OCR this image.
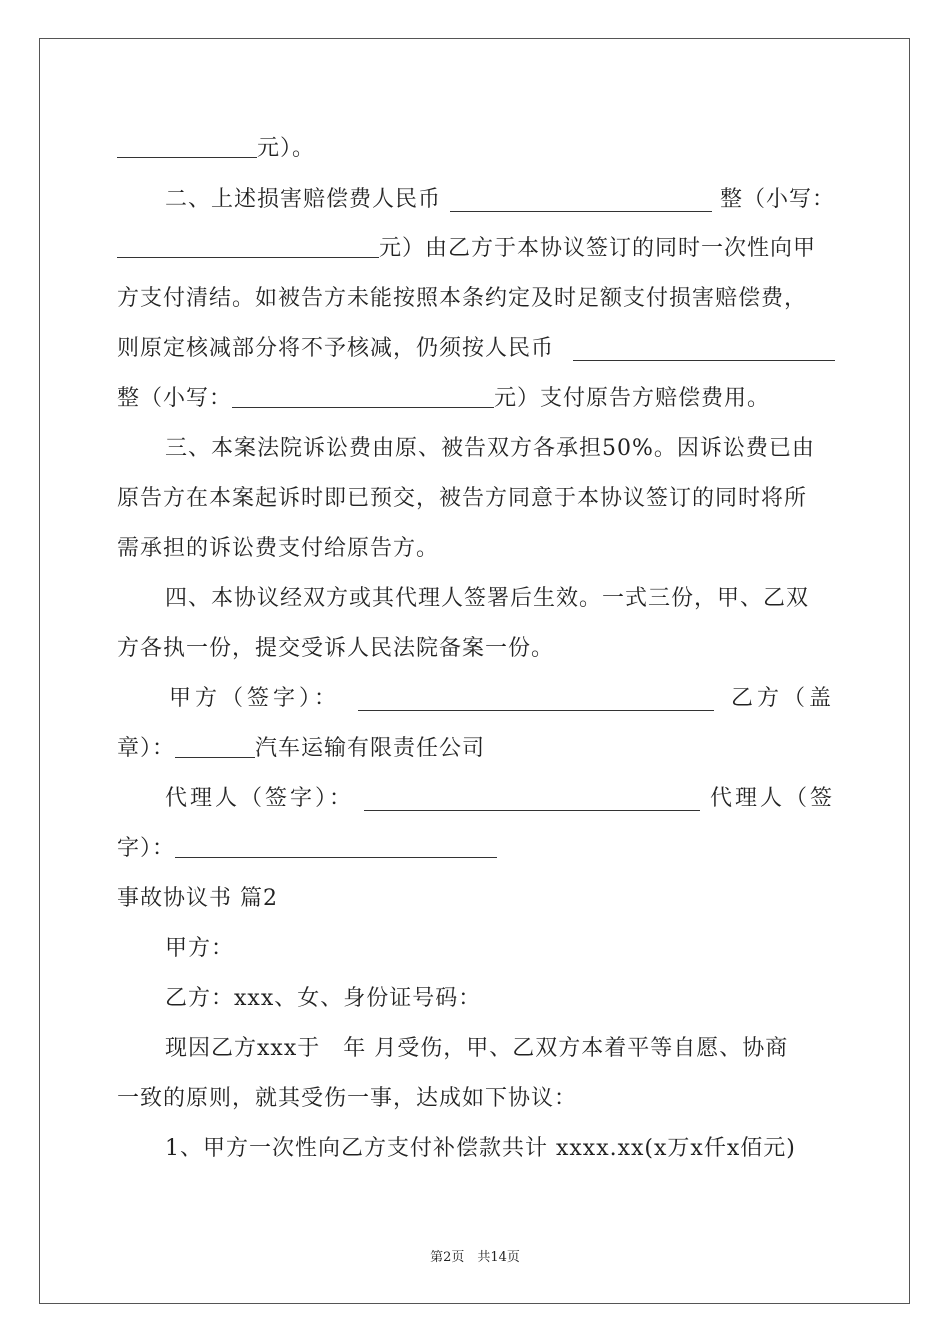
元）。
二、上述损害赔偿费人民币	整（小写：
元）由乙方于本协议签订的同时一次性向甲
方支付清结。如被告方未能按照本条约定及时足额支付损害赔偿费，
则原定核减部分将不予核减，仍须按人民币
整（小写：	元）支付原告方赔偿费用。
三、本案法院诉讼费由原、被告双方各承担50%。因诉讼费已由
原告方在本案起诉时即已预交，被告方同意于本协议签订的同时将所
需承担的诉讼费支付给原告方。
四、本协议经双方或其代理人签署后生效。一式三份，甲、乙双
方各执一份，提交受诉人民法院备案一份。
甲方（签字）：	乙方（盖
章）：	汽车运输有限责任公司
代理人（签字）：	代理人（签
字）：
事故协议书 篇2
甲方：
乙方：xxx、女、身份证号码：
现因乙方xxx于　年 月受伤，甲、乙双方本着平等自愿、协商
一致的原则，就其受伤一事，达成如下协议：
1、甲方一次性向乙方支付补偿款共计 xxxx.xx(x万x仟x佰元)
第2页　共14页
